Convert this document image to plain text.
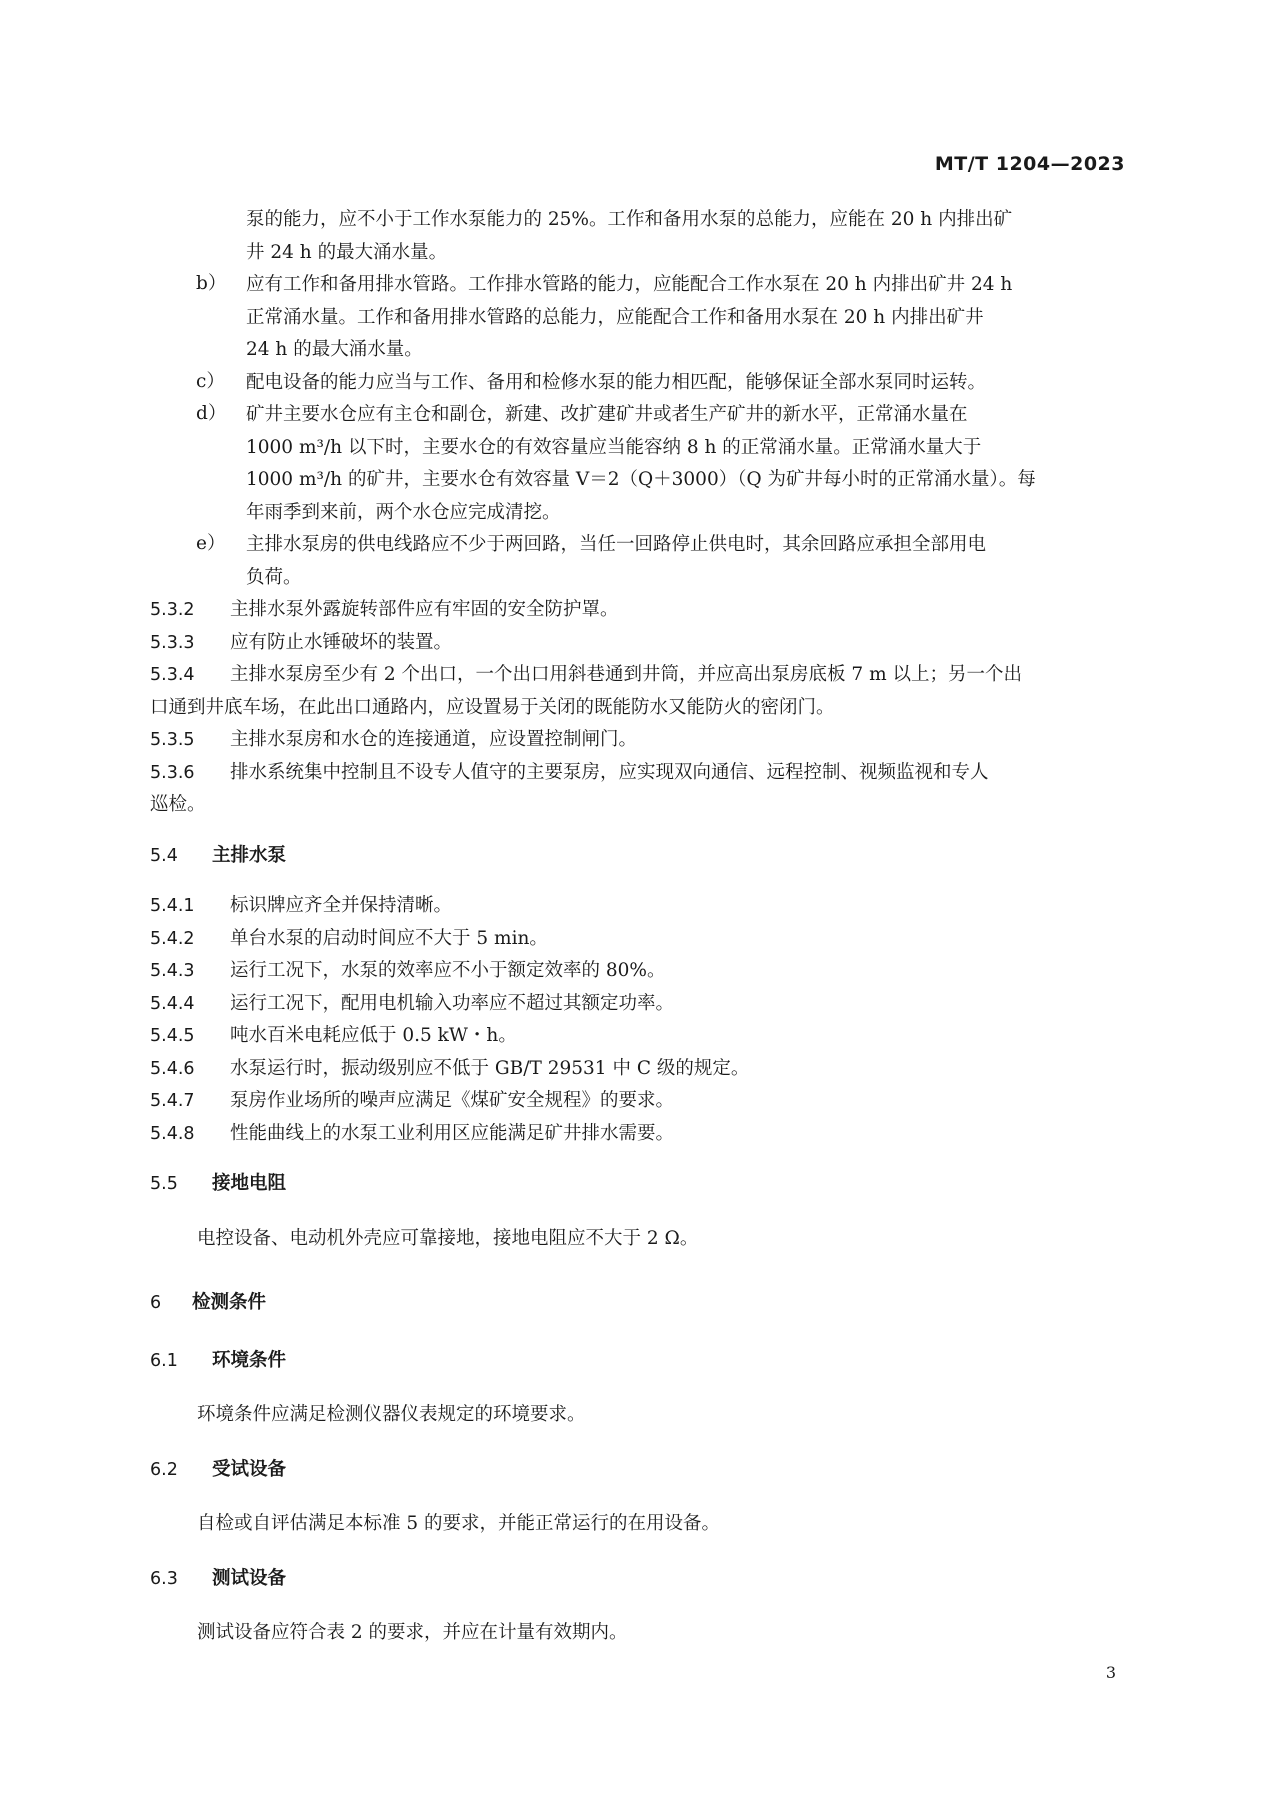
MT/T 1204—2023
泵的能力，应不小于工作水泵能力的 25%。工作和备用水泵的总能力，应能在 20 h 内排出矿
井 24 h 的最大涌水量。
b）	应有工作和备用排水管路。工作排水管路的能力，应能配合工作水泵在 20 h 内排出矿井 24 h
正常涌水量。工作和备用排水管路的总能力，应能配合工作和备用水泵在 20 h 内排出矿井
24 h 的最大涌水量。
c）	配电设备的能力应当与工作、备用和检修水泵的能力相匹配，能够保证全部水泵同时运转。
d）	矿井主要水仓应有主仓和副仓，新建、改扩建矿井或者生产矿井的新水平，正常涌水量在
1000 m³/h 以下时，主要水仓的有效容量应当能容纳 8 h 的正常涌水量。正常涌水量大于
1000 m³/h 的矿井，主要水仓有效容量 V＝2（Q＋3000）（Q 为矿井每小时的正常涌水量）。每
年雨季到来前，两个水仓应完成清挖。
e）	主排水泵房的供电线路应不少于两回路，当任一回路停止供电时，其余回路应承担全部用电
负荷。
5.3.2	主排水泵外露旋转部件应有牢固的安全防护罩。
5.3.3	应有防止水锤破坏的装置。
5.3.4	主排水泵房至少有 2 个出口，一个出口用斜巷通到井筒，并应高出泵房底板 7 m 以上；另一个出
口通到井底车场，在此出口通路内，应设置易于关闭的既能防水又能防火的密闭门。
5.3.5	主排水泵房和水仓的连接通道，应设置控制闸门。
5.3.6	排水系统集中控制且不设专人值守的主要泵房，应实现双向通信、远程控制、视频监视和专人
巡检。
5.4	主排水泵
5.4.1	标识牌应齐全并保持清晰。
5.4.2	单台水泵的启动时间应不大于 5 min。
5.4.3	运行工况下，水泵的效率应不小于额定效率的 80%。
5.4.4	运行工况下，配用电机输入功率应不超过其额定功率。
5.4.5	吨水百米电耗应低于 0.5 kW・h。
5.4.6	水泵运行时，振动级别应不低于 GB/T 29531 中 C 级的规定。
5.4.7	泵房作业场所的噪声应满足《煤矿安全规程》的要求。
5.4.8	性能曲线上的水泵工业利用区应能满足矿井排水需要。
5.5	接地电阻
电控设备、电动机外壳应可靠接地，接地电阻应不大于 2 Ω。
6	检测条件
6.1	环境条件
环境条件应满足检测仪器仪表规定的环境要求。
6.2	受试设备
自检或自评估满足本标准 5 的要求，并能正常运行的在用设备。
6.3	测试设备
测试设备应符合表 2 的要求，并应在计量有效期内。
3
